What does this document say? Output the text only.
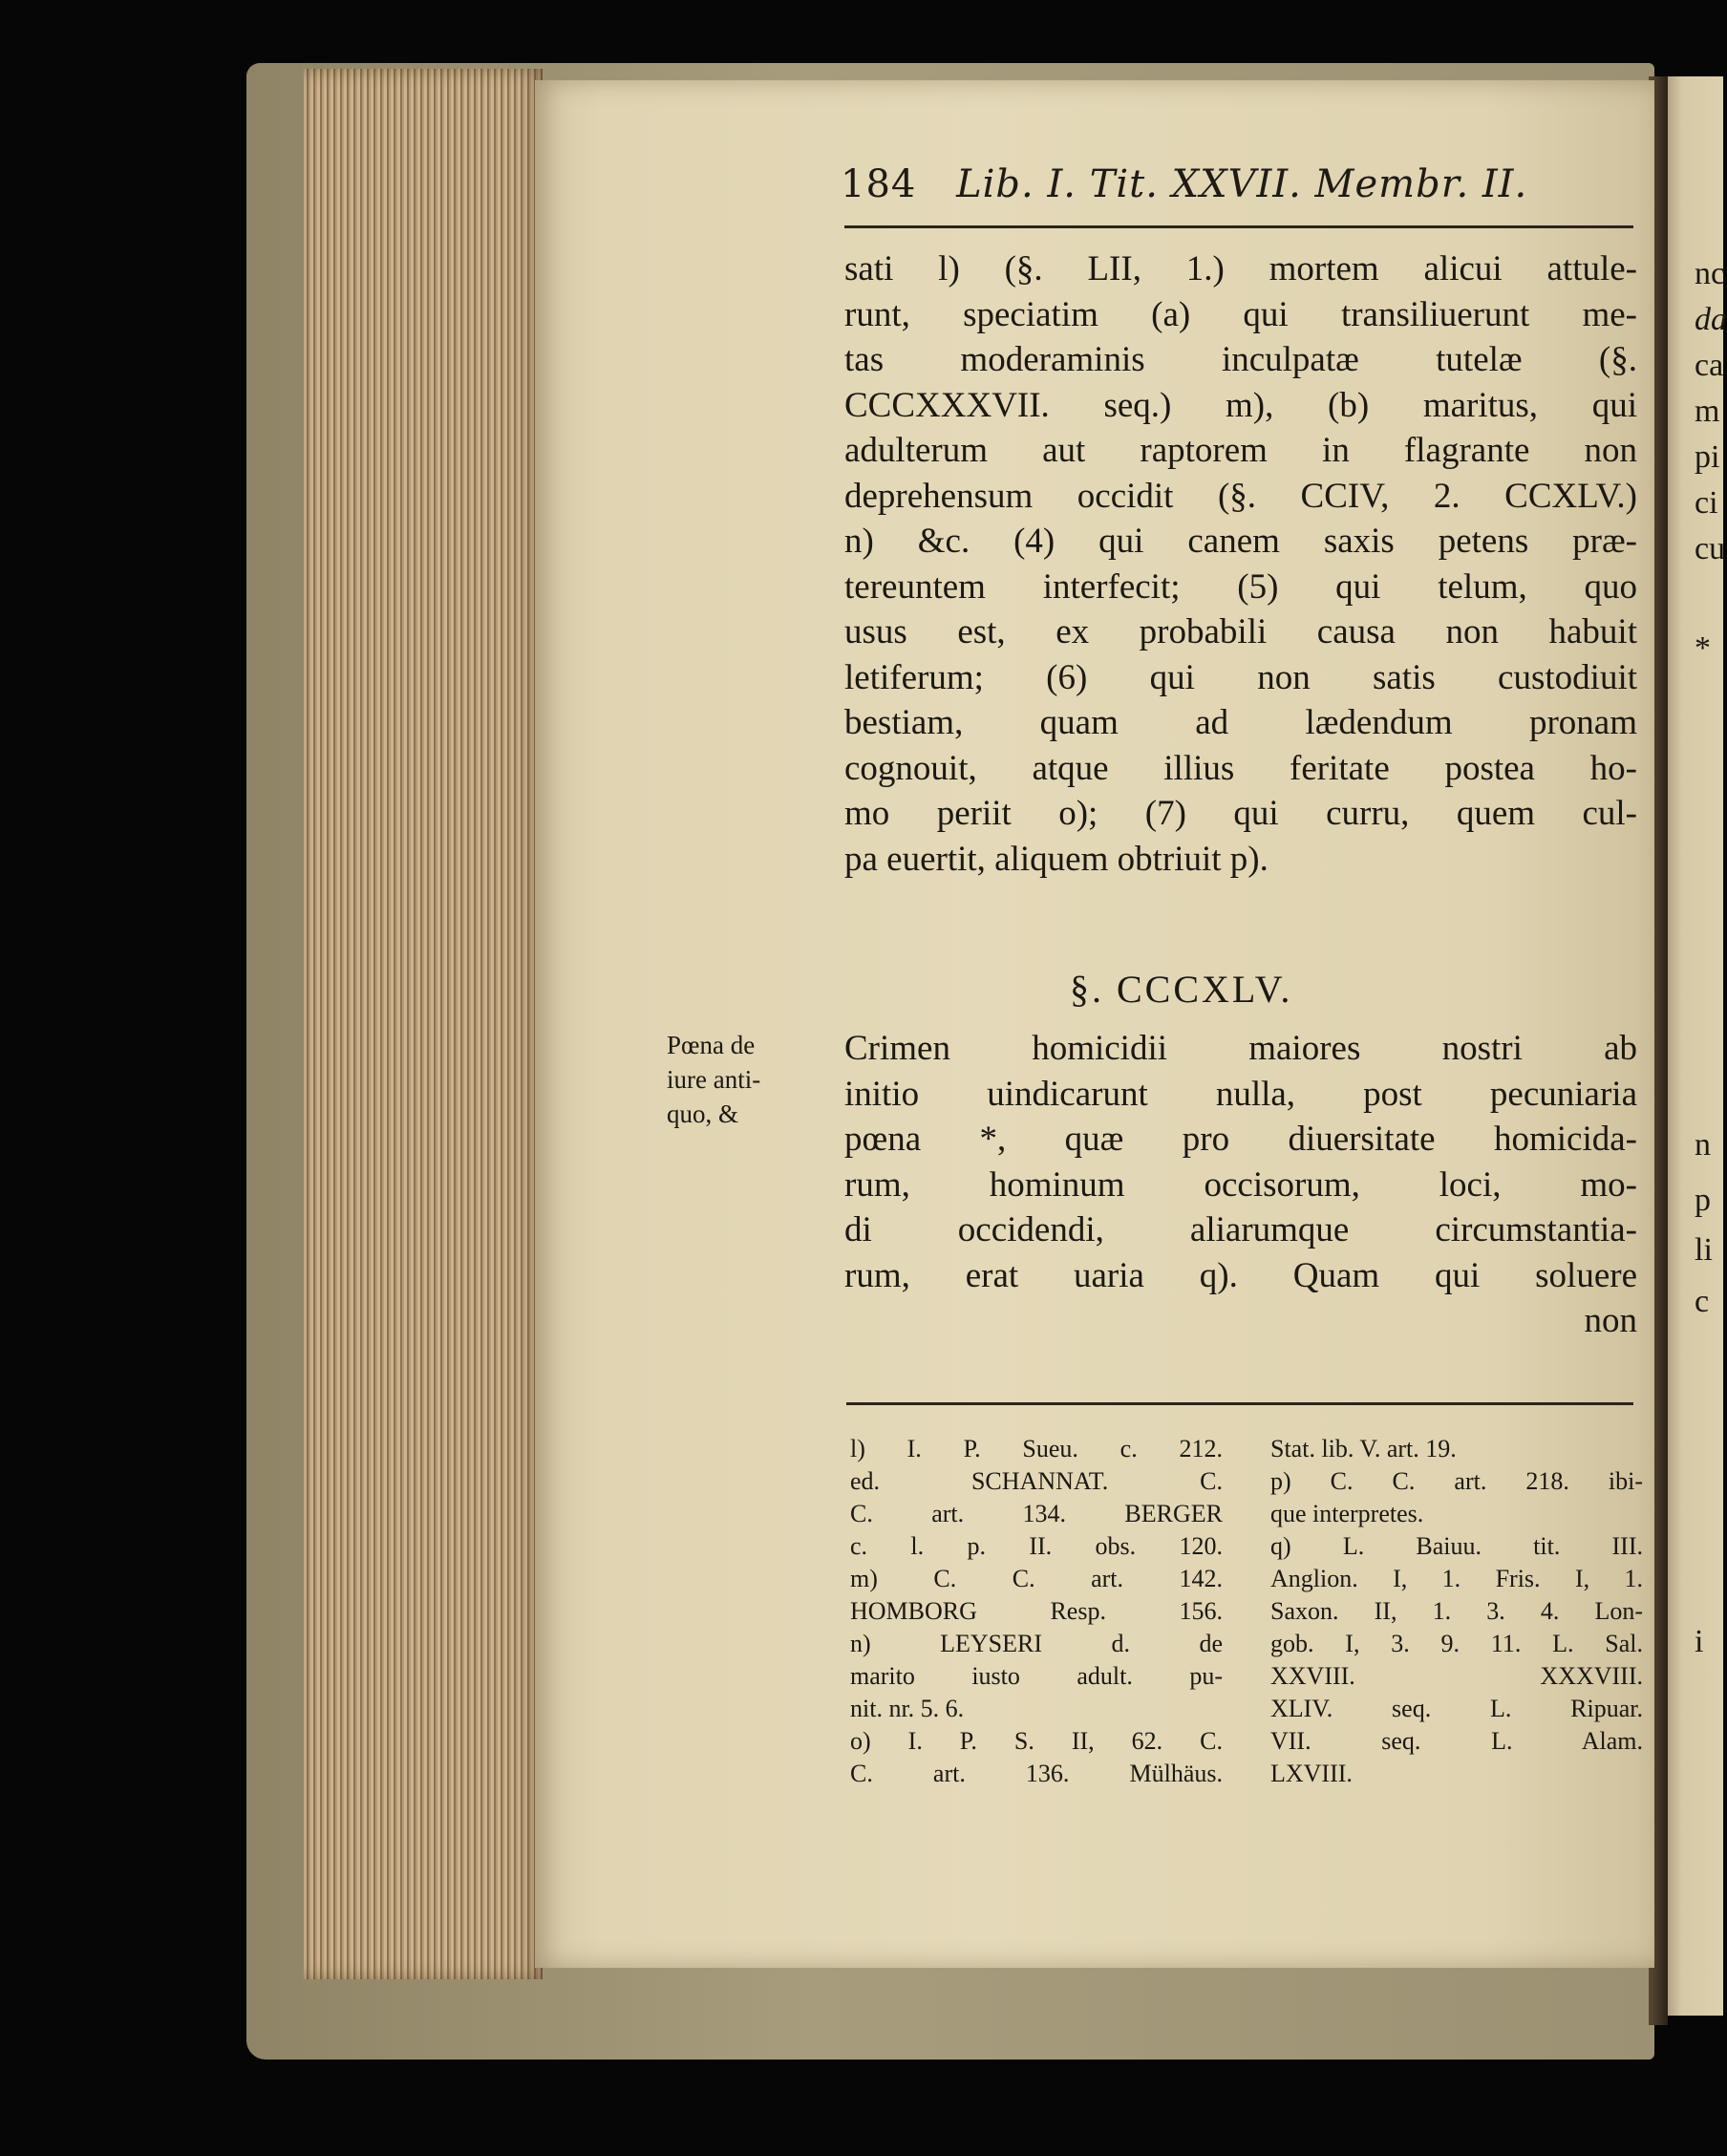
184 Lib. I. Tit. XXVII. Membr. II.
sati l) (§. LII, 1.) mortem alicui attule-
runt, speciatim (a) qui transiliuerunt me-
tas moderaminis inculpatæ tutelæ (§.
CCCXXXVII. seq.) m), (b) maritus, qui
adulterum aut raptorem in flagrante non
deprehensum occidit (§. CCIV, 2. CCXLV.)
n) &c. (4) qui canem saxis petens præ-
tereuntem interfecit; (5) qui telum, quo
usus est, ex probabili causa non habuit
letiferum; (6) qui non satis custodiuit
bestiam, quam ad lædendum pronam
cognouit, atque illius feritate postea ho-
mo periit o); (7) qui curru, quem cul-
pa euertit, aliquem obtriuit p).
§. CCCXLV.
Pœna de
iure anti-
quo, &
Crimen homicidii maiores nostri ab
initio uindicarunt nulla, post pecuniaria
pœna *, quæ pro diuersitate homicida-
rum, hominum occisorum, loci, mo-
di occidendi, aliarumque circumstantia-
rum, erat uaria q). Quam qui soluere
non
l) I. P. Sueu. c. 212.
ed. SCHANNAT. C.
C. art. 134. BERGER
c. l. p. II. obs. 120.
m) C. C. art. 142.
HOMBORG Resp. 156.
n) LEYSERI d. de
marito iusto adult. pu-
nit. nr. 5. 6.
o) I. P. S. II, 62. C.
C. art. 136. Mülhäus.
Stat. lib. V. art. 19.
p) C. C. art. 218. ibi-
que interpretes.
q) L. Baiuu. tit. III.
Anglion. I, 1. Fris. I, 1.
Saxon. II, 1. 3. 4. Lon-
gob. I, 3. 9. 11. L. Sal.
XXVIII. XXXVIII.
XLIV. seq. L. Ripuar.
VII. seq. L. Alam.
LXVIII.
nc
da
ca
m
pi
ci
cu
*
n
p
li
c
i
